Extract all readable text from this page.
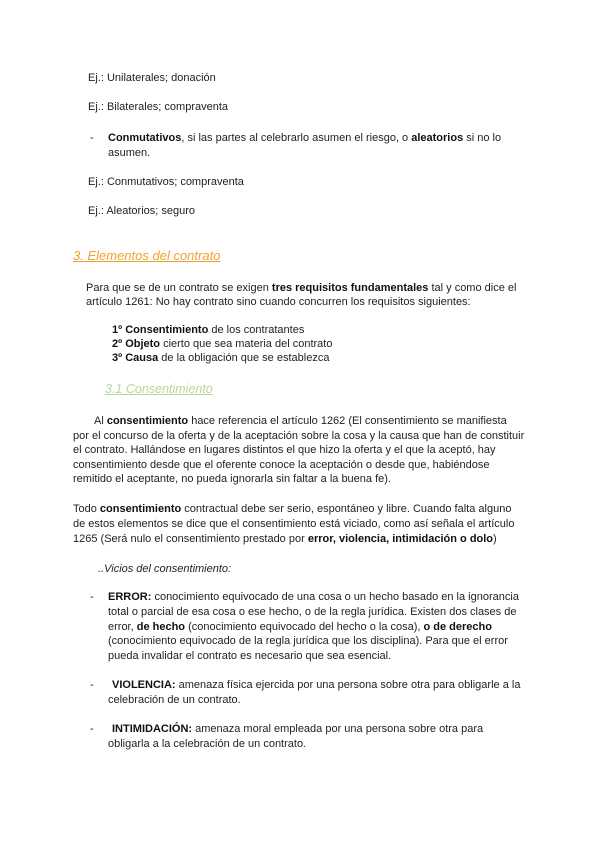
Ej.: Unilaterales; donación
Ej.: Bilaterales; compraventa
- Conmutativos, si las partes al celebrarlo asumen el riesgo, o aleatorios si no lo
asumen.
Ej.: Conmutativos; compraventa
Ej.: Aleatorios; seguro
3. Elementos del contrato
Para que se de un contrato se exigen tres requisitos fundamentales tal y como dice el
artículo 1261: No hay contrato sino cuando concurren los requisitos siguientes:
1º Consentimiento de los contratantes
2º Objeto cierto que sea materia del contrato
3º Causa de la obligación que se establezca
3.1 Consentimiento
Al consentimiento hace referencia el artículo 1262 (El consentimiento se manifiesta
por el concurso de la oferta y de la aceptación sobre la cosa y la causa que han de constituir
el contrato. Hallándose en lugares distintos el que hizo la oferta y el que la aceptó, hay
consentimiento desde que el oferente conoce la aceptación o desde que, habiéndose
remitido el aceptante, no pueda ignorarla sin faltar a la buena fe).
Todo consentimiento contractual debe ser serio, espontáneo y libre. Cuando falta alguno
de estos elementos se dice que el consentimiento está viciado, como así señala el artículo
1265 (Será nulo el consentimiento prestado por error, violencia, intimidación o dolo)
..Vicios del consentimiento:
- ERROR: conocimiento equivocado de una cosa o un hecho basado en la ignorancia
total o parcial de esa cosa o ese hecho, o de la regla jurídica. Existen dos clases de
error, de hecho (conocimiento equivocado del hecho o la cosa), o de derecho
(conocimiento equivocado de la regla jurídica que los disciplina). Para que el error
pueda invalidar el contrato es necesario que sea esencial.
- VIOLENCIA: amenaza física ejercida por una persona sobre otra para obligarle a la
celebración de un contrato.
- INTIMIDACIÓN: amenaza moral empleada por una persona sobre otra para
obligarla a la celebración de un contrato.
